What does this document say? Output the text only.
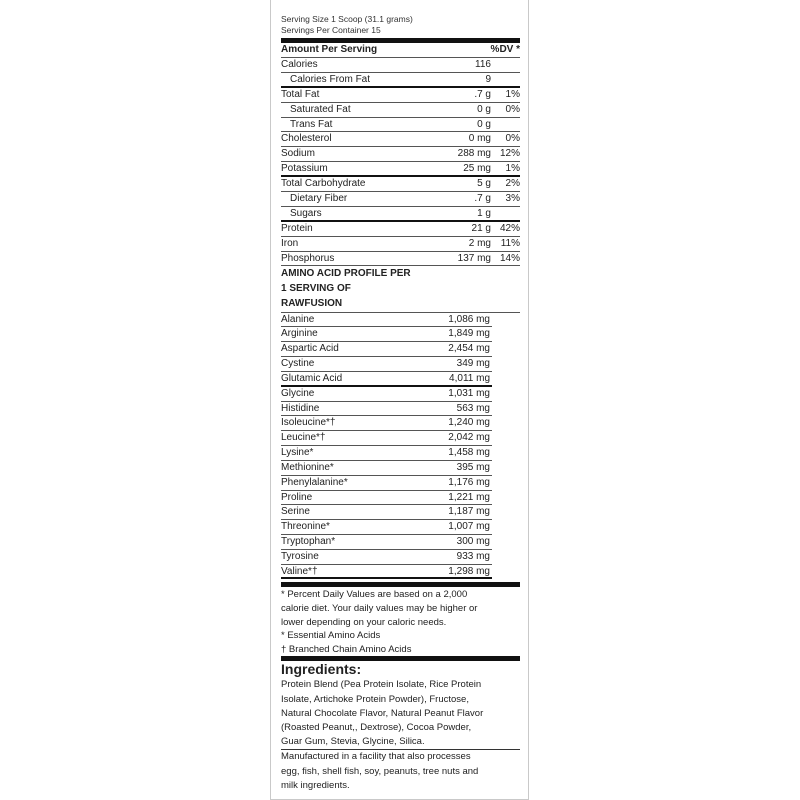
Serving Size 1 Scoop (31.1 grams)
Servings Per Container 15
Amount Per Serving	%DV *
Calories	116
Calories From Fat	9
Total Fat	.7 g 1%
Saturated Fat	0 g 0%
Trans Fat	0 g
Cholesterol	0 mg 0%
Sodium	288 mg 12%
Potassium	25 mg 1%
Total Carbohydrate	5 g 2%
Dietary Fiber	.7 g 3%
Sugars	1 g
Protein	21 g 42%
Iron	2 mg 11%
Phosphorus	137 mg 14%
AMINO ACID PROFILE PER
1 SERVING OF
RAWFUSION
Alanine	1,086 mg
Arginine	1,849 mg
Aspartic Acid	2,454 mg
Cystine	349 mg
Glutamic Acid	4,011 mg
Glycine	1,031 mg
Histidine	563 mg
Isoleucine*†	1,240 mg
Leucine*†	2,042 mg
Lysine*	1,458 mg
Methionine*	395 mg
Phenylalanine*	1,176 mg
Proline	1,221 mg
Serine	1,187 mg
Threonine*	1,007 mg
Tryptophan*	300 mg
Tyrosine	933 mg
Valine*†	1,298 mg
* Percent Daily Values are based on a 2,000
calorie diet. Your daily values may be higher or
lower depending on your caloric needs.
* Essential Amino Acids
† Branched Chain Amino Acids
Ingredients:
Protein Blend (Pea Protein Isolate, Rice Protein
Isolate, Artichoke Protein Powder), Fructose,
Natural Chocolate Flavor, Natural Peanut Flavor
(Roasted Peanut,, Dextrose), Cocoa Powder,
Guar Gum, Stevia, Glycine, Silica.
Manufactured in a facility that also processes
egg, fish, shell fish, soy, peanuts, tree nuts and
milk ingredients.
